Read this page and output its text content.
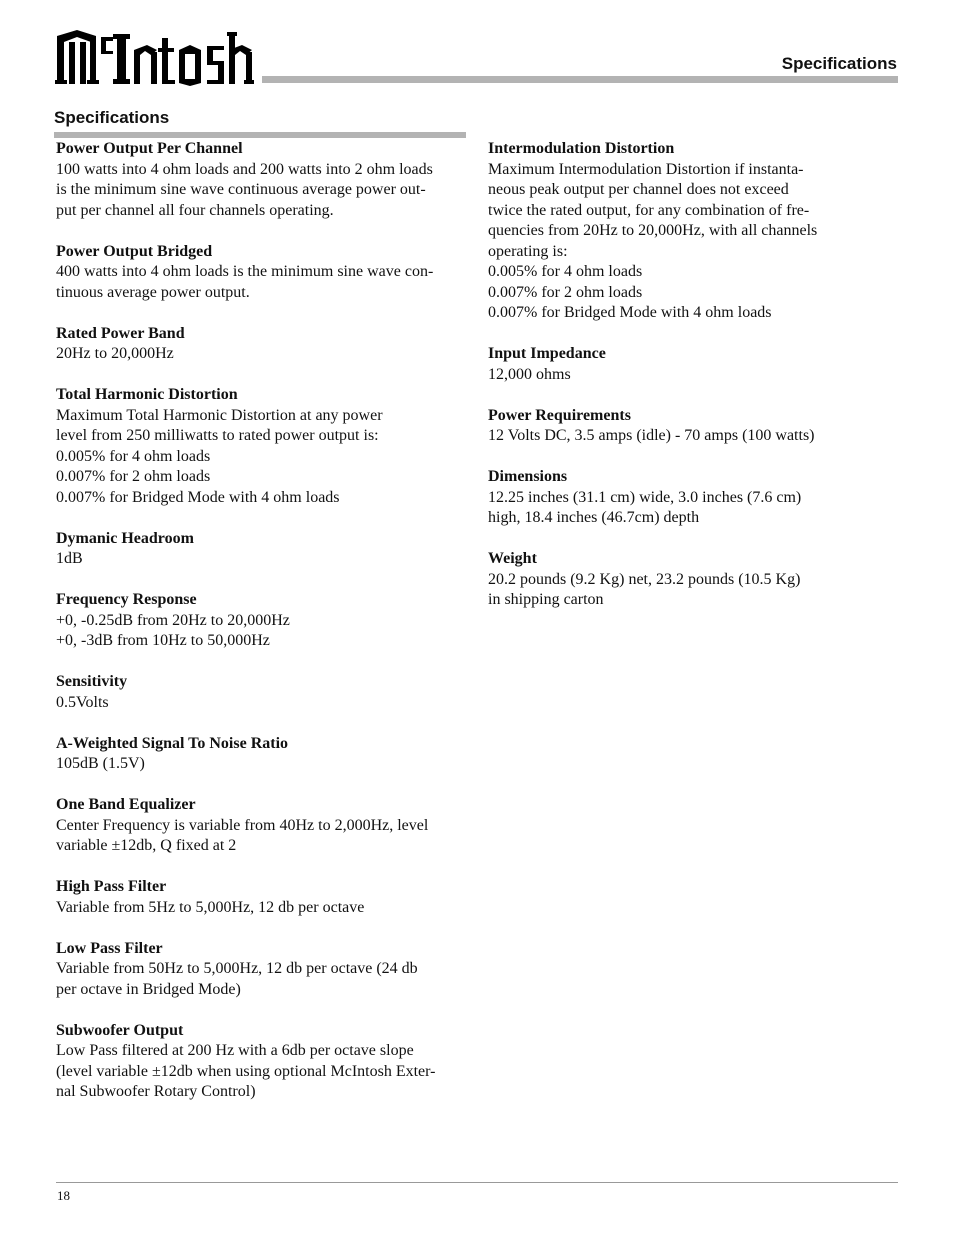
Specifications
Specifications
Power Output Per Channel
100 watts into 4 ohm loads and 200 watts into 2 ohm loads
is the minimum sine wave continuous average power out-
put per channel all four channels operating.
Power Output Bridged
400 watts into 4 ohm loads is the minimum sine wave con-
tinuous average power output.
Rated Power Band
20Hz to 20,000Hz
Total Harmonic Distortion
Maximum Total Harmonic Distortion at any power
level from 250 milliwatts to rated power output is:
0.005% for 4 ohm loads
0.007% for 2 ohm loads
0.007% for Bridged Mode with 4 ohm loads
Dymanic Headroom
1dB
Frequency Response
+0, -0.25dB from 20Hz to 20,000Hz
+0, -3dB from 10Hz to 50,000Hz
Sensitivity
0.5Volts
A-Weighted Signal To Noise Ratio
105dB (1.5V)
One Band Equalizer
Center Frequency is variable from 40Hz to 2,000Hz, level
variable ±12db, Q fixed at 2
High Pass Filter
Variable from 5Hz to 5,000Hz, 12 db per octave
Low Pass Filter
Variable from 50Hz to 5,000Hz, 12 db per octave (24 db
per octave in Bridged Mode)
Subwoofer Output
Low Pass filtered at 200 Hz with a 6db per octave slope
(level variable ±12db when using optional McIntosh Exter-
nal Subwoofer Rotary Control)
Intermodulation Distortion
Maximum Intermodulation Distortion if instanta-
neous peak output per channel does not exceed
twice the rated output, for any combination of fre-
quencies from 20Hz to 20,000Hz, with all channels
operating is:
0.005% for 4 ohm loads
0.007% for 2 ohm loads
0.007% for Bridged Mode with 4 ohm loads
Input Impedance
12,000 ohms
Power Requirements
12 Volts DC, 3.5 amps (idle) - 70 amps (100 watts)
Dimensions
12.25 inches (31.1 cm) wide, 3.0 inches (7.6 cm)
high, 18.4 inches (46.7cm) depth
Weight
20.2 pounds (9.2 Kg) net, 23.2 pounds (10.5 Kg)
in shipping carton
18
